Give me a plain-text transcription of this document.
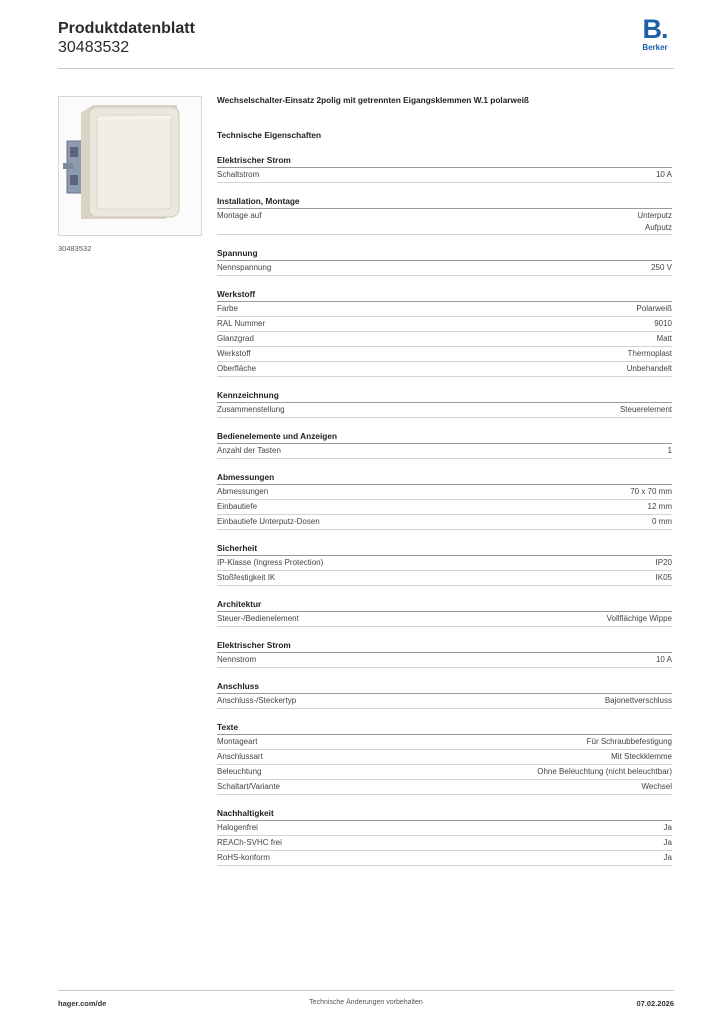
Produktdatenblatt
30483532
B.
Berker
30483532
Wechselschalter-Einsatz 2polig mit getrennten Eigangsklemmen W.1 polarweiß
Technische Eigenschaften
Elektrischer Strom
Schaltstrom	10 A
Installation, Montage
Montage auf	Unterputz
Aufputz
Spannung
Nennspannung	250 V
Werkstoff
Farbe	Polarweiß
RAL Nummer	9010
Glanzgrad	Matt
Werkstoff	Thermoplast
Oberfläche	Unbehandelt
Kennzeichnung
Zusammenstellung	Steuerelement
Bedienelemente und Anzeigen
Anzahl der Tasten	1
Abmessungen
Abmessungen	70 x 70 mm
Einbautiefe	12 mm
Einbautiefe Unterputz-Dosen	0 mm
Sicherheit
IP-Klasse (Ingress Protection)	IP20
Stoßfestigkeit IK	IK05
Architektur
Steuer-/Bedienelement	Vollflächige Wippe
Elektrischer Strom
Nennstrom	10 A
Anschluss
Anschluss-/Steckertyp	Bajonettverschluss
Texte
Montageart	Für Schraubbefestigung
Anschlussart	Mit Steckklemme
Beleuchtung	Ohne Beleuchtung (nicht beleuchtbar)
Schaltart/Variante	Wechsel
Nachhaltigkeit
Halogenfrei	Ja
REACh-SVHC frei	Ja
RoHS-konform	Ja
hager.com/de	Technische Änderungen vorbehalten	07.02.2026
